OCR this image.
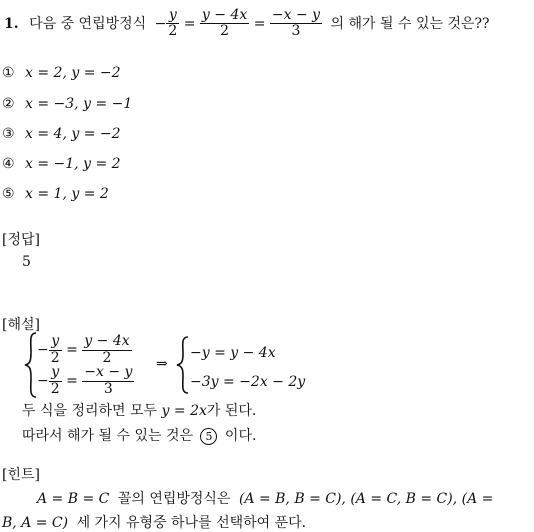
1. 다음 중 연립방정식 − $\frac{y}{2} = \frac{y - 4x}{2} = \frac{-x - y}{3}$ 의 해가 될 수 있는 것은??
① x = 2, y = −2
② x = −3, y = −1
③ x = 4, y = −2
④ x = −1, y = 2
⑤ x = 1, y = 2
[정답]
5
[해설]
− $\frac{y}{2} = \frac{y - 4x}{2}$
− $\frac{y}{2} = \frac{-x - y}{3}$
⇒
−y = y − 4x
−3y = −2x − 2y
두 식을 정리하면 모두 y = 2x가 된다.
따라서 해가 될 수 있는 것은 5 이다.
[힌트]
A = B = C 꼴의 연립방정식은 (A = B, B = C), (A = C, B = C), (A =
B, A = C) 세 가지 유형중 하나를 선택하여 푼다.
